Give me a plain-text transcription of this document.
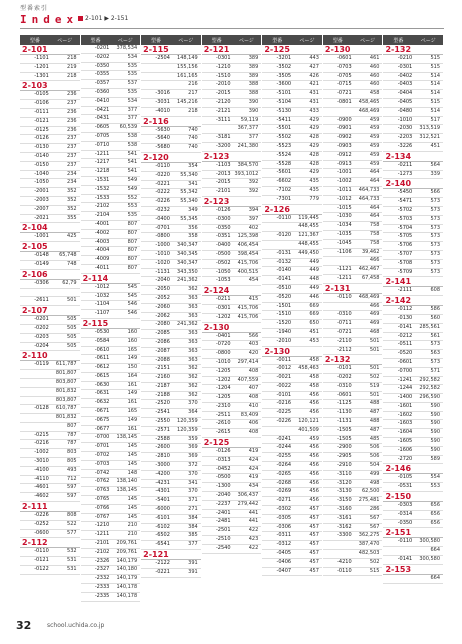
型番索引
Index	2-101 ▶ 2-151
型番	ページ
2-101
-1101	218
-1201	219
-1301	218
2-103
-0105	236
-0106	237
-0111	236
-0121	236
-0125	236
-0126	237
-0130	237
-0140	237
-0150	237
-1040	234
-1050	234
-2001	352
-2003	352
-2007	352
-2021	355
2-104
-1001	425
2-105
-0148	65,748
-0149	748
2-106
-0306	62,79
-2611	501
2-107
-0201	505
-0202	505
-0203	505
-0204	505
2-110
-0119	611,787
801,807
803,807
801,832
803,807
-0128	610,787
801,832
807
-0215	787
-0216	787
-1002	803
-3010	805
-4100	493
-4110	712
-4601	597
-4602	597
2-111
-0226	808
-0252	522
-0600	577
2-112
-0110	532
-0121	531
-0122	531
型番	ページ
-0201	378,534
-0202	534
-0350	535
-0355	535
-0357	537
-0360	535
-0410	534
-0421	377
-0431	377
-0605	60,539
-0705	538
-0710	538
-1211	541
-1217	541
-1218	541
-1531	549
-1532	549
-1533	552
-2102	553
-2104	535
-4001	807
-4002	807
-4003	807
-4004	807
-4009	807
-4011	807
2-114
-1012	545
-1032	545
-1104	546
-1107	546
2-115
-0530	160
-0584	160
-0610	165
-0611	149
-0612	150
-0615	164
-0630	161
-0631	149
-0632	161
-0671	165
-0675	149
-0677	161
-0700	138,145
-0701	145
-0702	145
-0703	145
-0742	148
-0762	138,140
-0763	138,145
-0765	145
-0766	145
-0767	145
-1210	210
-1211	210
-2101	209,761
-2102	209,761
-2326	140,179
-2327	140,180
-2332	140,179
-2333	140,178
-2335	140,178
型番	ページ
2-115
-2504	148,149
155,156
161,165
216
-3016	217
-3031	145,216
-4010	218
2-116
-5630	740
-5640	740
-5680	740
2-120
-0110	354
-0220	55,340
-0221	341
-0222	55,342
-0226	55,340
-0232	349
-0400	55,345
-0701	356
-0800	358
-1000	340,347
-1010	340,345
-1020	340,347
-1131	343,350
-2040	241,362
-2050	362
-2052	363
-2060	363
-2062	363
-2080	241,362
-2085	363
-2086	363
-2087	363
-2088	363
-2151	362
-2160	362
-2187	362
-2188	362
-2520	370
-2541	364
-2550	120,359
-2571	120,359
-2588	359
-2600	369
-2810	369
-3000	372
-4200	370
-4231	341
-4301	370
-5401	371
-6000	271
-6101	384
-6102	384
-6502	385
-6541	377
2-121
-2122	391
-0221	391
型番	ページ
2-121
-0301	389
-1210	389
-1510	389
-2010	388
-2015	388
-2120	390
-2121	390
-3111	59,119
367,377
-3181	377
-3200	241,380
2-123
-1103	384,570
-2013 393,1012
-2015	392
-2101	392
2-123
-0126	394
-0300	397
-0350	402
-0351	125,398
-0400	406,454
-0500	398,454
-0502	415,706
-1050	400,515
-1053	454
2-124
-0211	415
-0301	415,706
-1202	415,706
2-130
-0401	566
-0720	403
-0800	420
-1010	297,414
-1205	408
-1202	407,559
-1204	407
-1205	408
-2310	410
-2511	83,409
-2610	406
-2615	408
2-125
-0126	419
-0313	424
-0452	424
-0500	419
-1300	434
-2040	306,437
-2237	279,442
-2401	441
-2481	441
-2501	422
-2510	423
-2540	422
型番	ページ
2-125
-3201	443
-3502	427
-3505	426
-3600	421
-5101	431
-5104	431
-5130	433
-5411	429
-5501	429
-5502	428
-5523	429
-5524	428
-5528	428
-5601	429
-6602	435
-7102	435
-7301	779
2-126
-0110	119,445
448,455
-0120	121,367
448,455
-0131	449,450
-0132	449
-0140	449
-0141	448
-0510	449
-0520	446
-1501	669
-1510	669
-1520	650
-1940	451
-2010	453
2-130
-0011	458
-0012	458,463
-0021	458
-0022	458
-0101	456
-0216	456
-0225	456
-0226	120,121
401,509
-0241	459
-0244	456
-0255	456
-0264	456
-0265	456
-0268	456
-0269	456
-0271	456
-0302	457
-0305	457
-0306	457
-0311	457
-0312	457
-0405	457
-0406	457
-0407	457
型番	ページ
2-130
-0601	461
-0703	460
-0705	460
-0715	460
-0721	458
-0801	458,465
468,469
-0900	459
-0901	459
-0902	459
-0903	459
-0912	459
-0913	459
-1001	464
-1002	464
-1011	464,733
-1012	464,733
-1015	464
-1030	464
-1034	758
-1035	758
-1045	758
-1106	39,462
466
-1121	462,467
-1211	67,458
2-131
-0110	468,469
466
-0310	469
-0711	469
-0721	468
-2110	501
-2112	501
2-132
-0101	501
-0202	502
-0310	519
-0601	501
-1125	488
-1130	487
-1131	488
-1505	487
-1505	485
-2900	506
-2905	506
-2910	504
-3110	499
-3120	498
-3130	62,500
-3150	275,481
-3160	286
-3161	567
-3162	567
-3300	362,275
387,470
482,503
-4210	502
-0110	515
型番	ページ
2-132
-0210	515
-0301	515
-0402	514
-0403	514
-0404	514
-0405	515
-0480	514
-1010	517
-2030	313,519
-2203	312,521
-3226	451
2-134
-0211	564
-1273	339
2-140
-5450	566
-5471	573
-5702	573
-5703	573
-5704	573
-5705	573
-5706	573
-5707	573
-5708	573
-5709	573
2-141
-2111	608
2-142
-0112	586
-0130	560
-0141	285,561
-0212	561
-0511	573
-0520	563
-0601	573
-0700	571
-1241	292,582
-1244	292,582
-1400	296,590
-1601	590
-1602	590
-1603	590
-1604	590
-1605	590
-1606	590
-2720	589
2-146
-0105	554
-0531	553
2-150
-0303	656
-0314	656
-0350	656
2-151
-0110	300,580
664
-0141	300,580
2-153
664
32	school.uchida.co.jp
